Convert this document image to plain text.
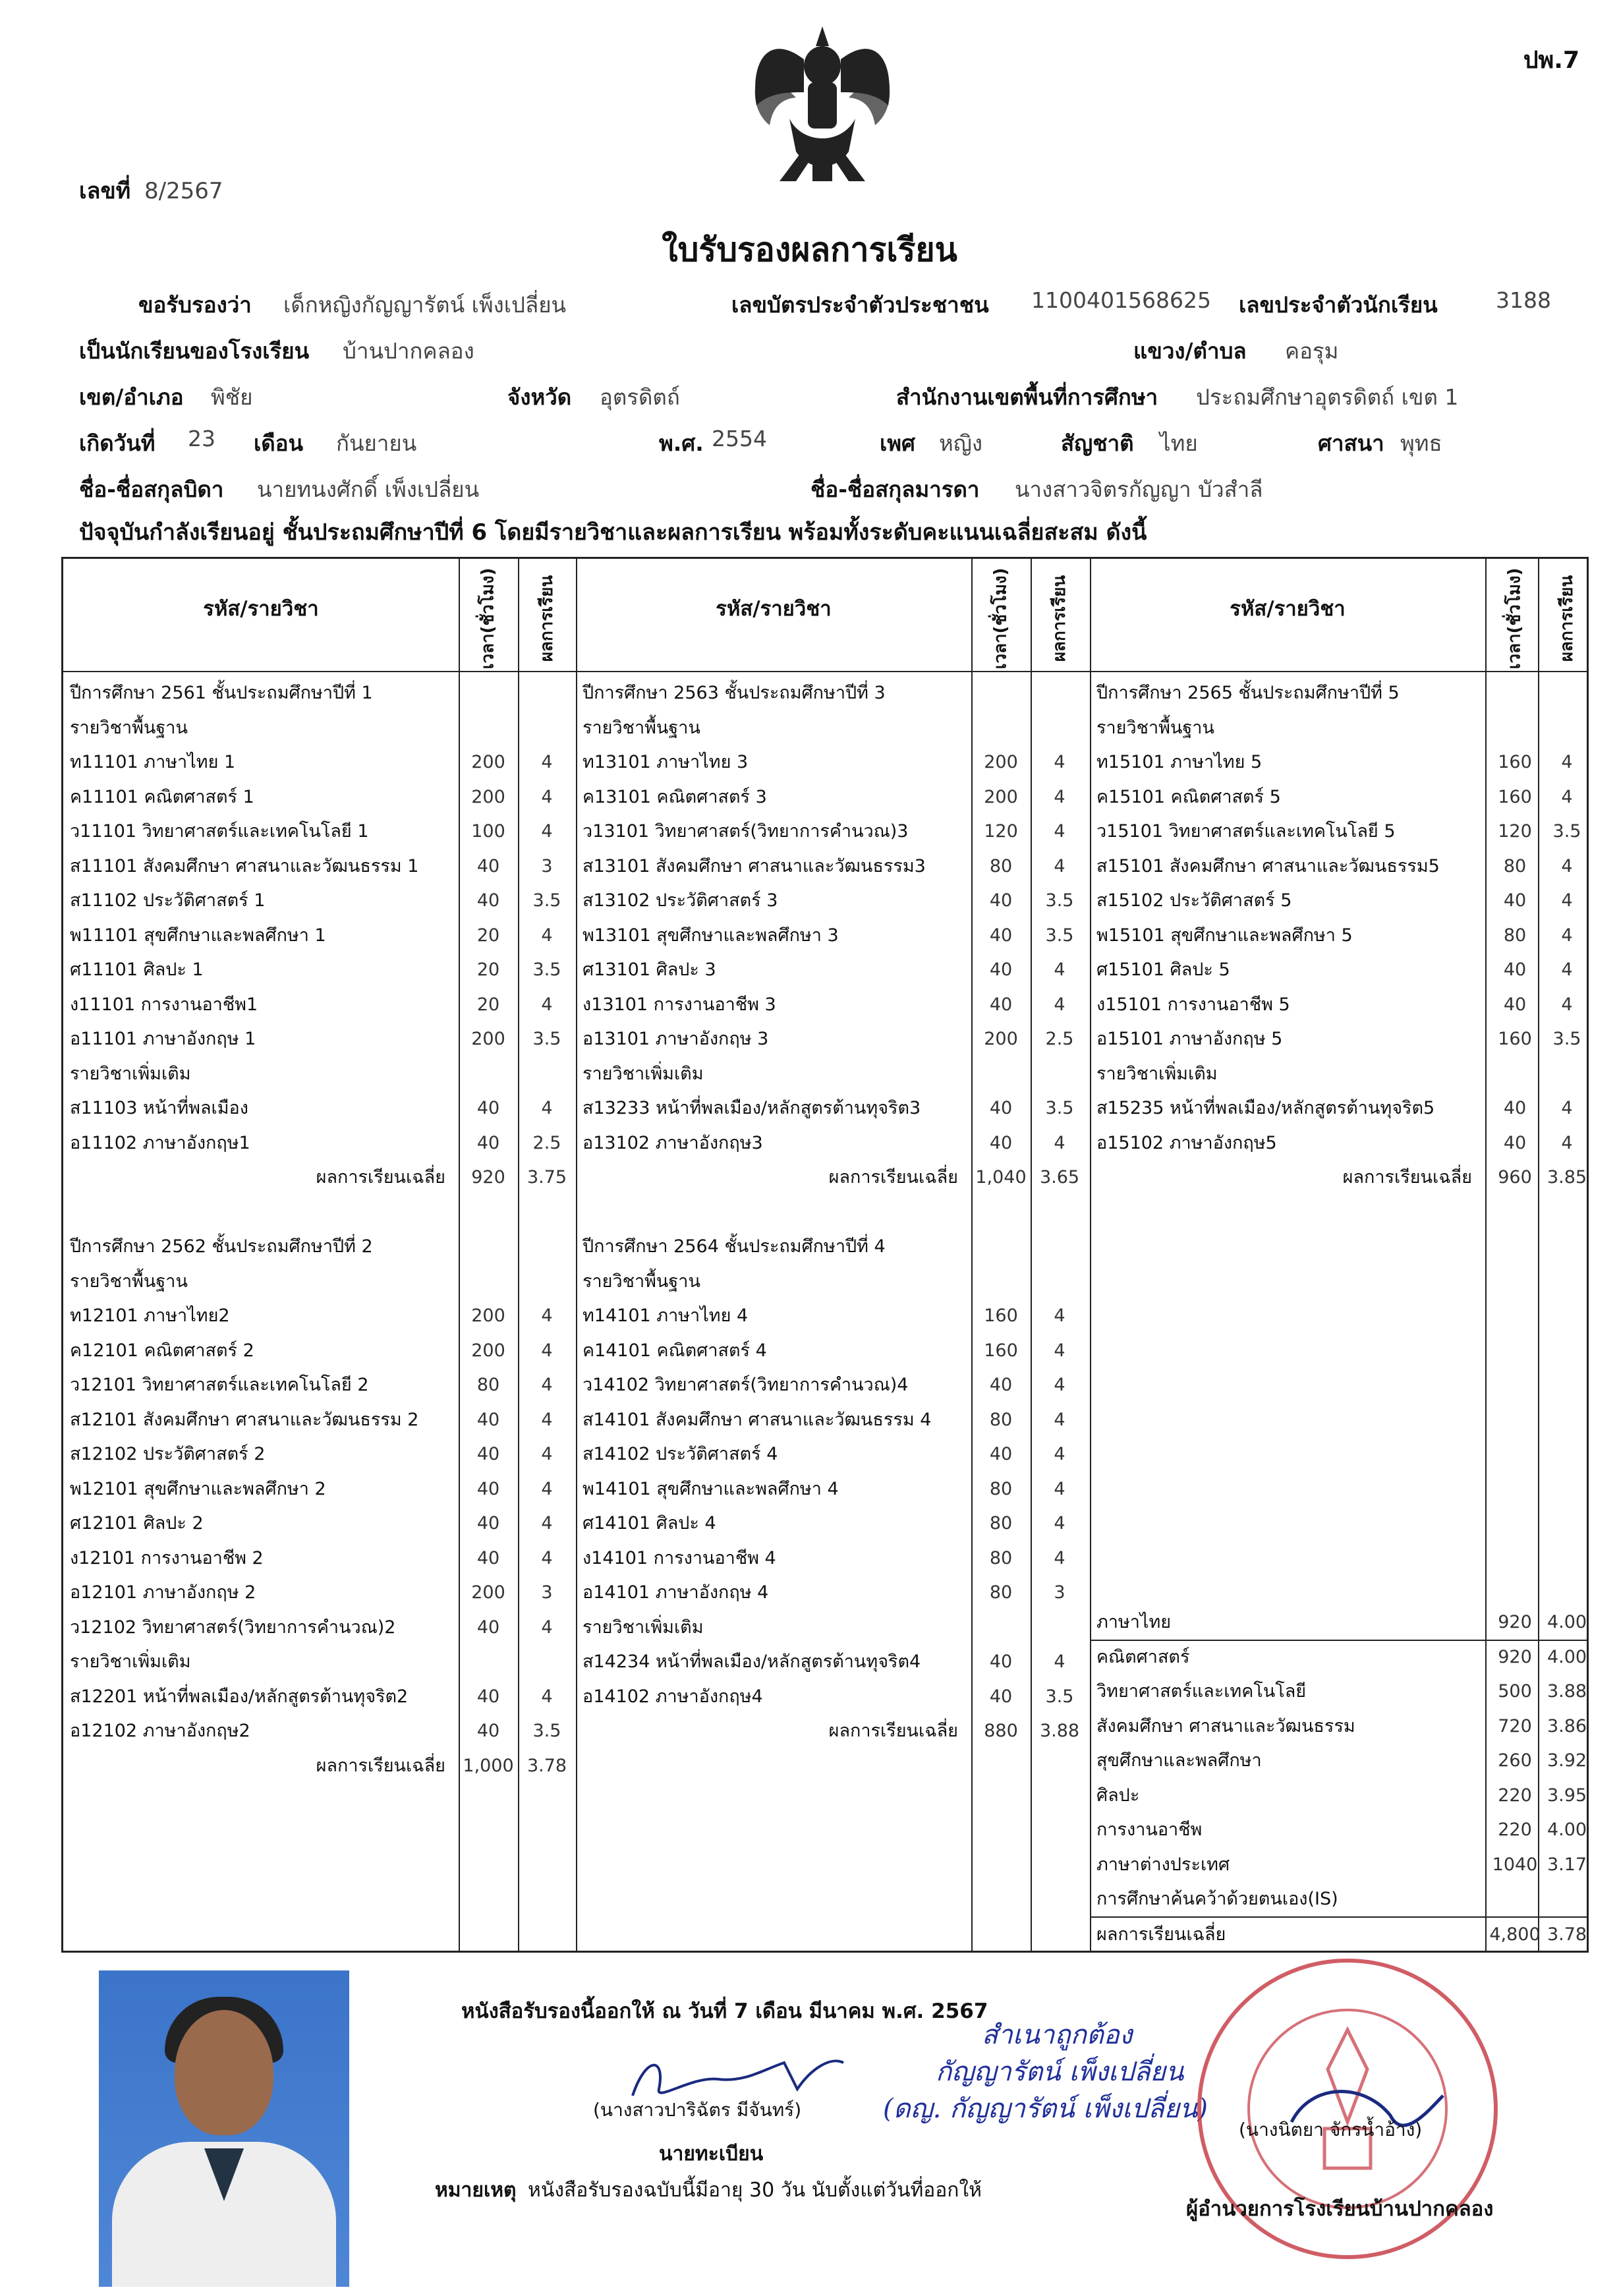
ปพ.7
เลขที่ 8/2567
ใบรับรองผลการเรียน
ขอรับรองว่า เด็กหญิงกัญญารัตน์ เพ็งเปลี่ยน	เลขบัตรประจำตัวประชาชน 1100401568625 เลขประจำตัวนักเรียน	3188
เป็นนักเรียนของโรงเรียน บ้านปากคลอง	แขวง/ตำบล คอรุม
เขต/อำเภอ พิชัย	จังหวัด อุตรดิตถ์	สำนักงานเขตพื้นที่การศึกษา ประถมศึกษาอุตรดิตถ์ เขต 1
เกิดวันที่ 23 เดือน กันยายน	พ.ศ. 2554	เพศ หญิง	สัญชาติ ไทย	ศาสนา พุทธ
ชื่อ-ชื่อสกุลบิดา นายทนงศักดิ์ เพ็งเปลี่ยน	ชื่อ-ชื่อสกุลมารดา นางสาวจิตรกัญญา บัวสำลี
ปัจจุบันกำลังเรียนอยู่ ชั้นประถมศึกษาปีที่ 6 โดยมีรายวิชาและผลการเรียน พร้อมทั้งระดับคะแนนเฉลี่ยสะสม ดังนี้
รหัส/รายวิชา	เวลา(ชั่วโมง) ผลการเรียน
ปีการศึกษา 2561 ชั้นประถมศึกษาปีที่ 1
รายวิชาพื้นฐาน
ท11101 ภาษาไทย 1	200	4
ค11101 คณิตศาสตร์ 1	200	4
ว11101 วิทยาศาสตร์และเทคโนโลยี 1	100	4
ส11101 สังคมศึกษา ศาสนาและวัฒนธรรม 1	40	3
ส11102 ประวัติศาสตร์ 1	40	3.5
พ11101 สุขศึกษาและพลศึกษา 1	20	4
ศ11101 ศิลปะ 1	20	3.5
ง11101 การงานอาชีพ1	20	4
อ11101 ภาษาอังกฤษ 1	200	3.5
รายวิชาเพิ่มเติม
ส11103 หน้าที่พลเมือง	40	4
อ11102 ภาษาอังกฤษ1	40	2.5
ผลการเรียนเฉลี่ย	920	3.75
ปีการศึกษา 2562 ชั้นประถมศึกษาปีที่ 2
รายวิชาพื้นฐาน
ท12101 ภาษาไทย2	200	4
ค12101 คณิตศาสตร์ 2	200	4
ว12101 วิทยาศาสตร์และเทคโนโลยี 2	80	4
ส12101 สังคมศึกษา ศาสนาและวัฒนธรรม 2	40	4
ส12102 ประวัติศาสตร์ 2	40	4
พ12101 สุขศึกษาและพลศึกษา 2	40	4
ศ12101 ศิลปะ 2	40	4
ง12101 การงานอาชีพ 2	40	4
อ12101 ภาษาอังกฤษ 2	200	3
ว12102 วิทยาศาสตร์(วิทยาการคำนวณ)2	40	4
รายวิชาเพิ่มเติม
ส12201 หน้าที่พลเมือง/หลักสูตรต้านทุจริต2	40	4
อ12102 ภาษาอังกฤษ2	40	3.5
ผลการเรียนเฉลี่ย 1,000 3.78
รหัส/รายวิชา	เวลา(ชั่วโมง) ผลการเรียน
ปีการศึกษา 2563 ชั้นประถมศึกษาปีที่ 3
รายวิชาพื้นฐาน
ท13101 ภาษาไทย 3	200	4
ค13101 คณิตศาสตร์ 3	200	4
ว13101 วิทยาศาสตร์(วิทยาการคำนวณ)3	120	4
ส13101 สังคมศึกษา ศาสนาและวัฒนธรรม3	80	4
ส13102 ประวัติศาสตร์ 3	40	3.5
พ13101 สุขศึกษาและพลศึกษา 3	40	3.5
ศ13101 ศิลปะ 3	40	4
ง13101 การงานอาชีพ 3	40	4
อ13101 ภาษาอังกฤษ 3	200	2.5
รายวิชาเพิ่มเติม
ส13233 หน้าที่พลเมือง/หลักสูตรต้านทุจริต3	40	3.5
อ13102 ภาษาอังกฤษ3	40	4
ผลการเรียนเฉลี่ย 1,040 3.65
ปีการศึกษา 2564 ชั้นประถมศึกษาปีที่ 4
รายวิชาพื้นฐาน
ท14101 ภาษาไทย 4	160	4
ค14101 คณิตศาสตร์ 4	160	4
ว14102 วิทยาศาสตร์(วิทยาการคำนวณ)4	40	4
ส14101 สังคมศึกษา ศาสนาและวัฒนธรรม 4	80	4
ส14102 ประวัติศาสตร์ 4	40	4
พ14101 สุขศึกษาและพลศึกษา 4	80	4
ศ14101 ศิลปะ 4	80	4
ง14101 การงานอาชีพ 4	80	4
อ14101 ภาษาอังกฤษ 4	80	3
รายวิชาเพิ่มเติม
ส14234 หน้าที่พลเมือง/หลักสูตรต้านทุจริต4	40	4
อ14102 ภาษาอังกฤษ4	40	3.5
ผลการเรียนเฉลี่ย	880	3.88
รหัส/รายวิชา	เวลา(ชั่วโมง) ผลการเรียน
ปีการศึกษา 2565 ชั้นประถมศึกษาปีที่ 5
รายวิชาพื้นฐาน
ท15101 ภาษาไทย 5	160	4
ค15101 คณิตศาสตร์ 5	160	4
ว15101 วิทยาศาสตร์และเทคโนโลยี 5	120	3.5
ส15101 สังคมศึกษา ศาสนาและวัฒนธรรม5	80	4
ส15102 ประวัติศาสตร์ 5	40	4
พ15101 สุขศึกษาและพลศึกษา 5	80	4
ศ15101 ศิลปะ 5	40	4
ง15101 การงานอาชีพ 5	40	4
อ15101 ภาษาอังกฤษ 5	160	3.5
รายวิชาเพิ่มเติม
ส15235 หน้าที่พลเมือง/หลักสูตรต้านทุจริต5	40	4
อ15102 ภาษาอังกฤษ5	40	4
ผลการเรียนเฉลี่ย	960 3.85
ภาษาไทย	920 4.00
คณิตศาสตร์	920 4.00
วิทยาศาสตร์และเทคโนโลยี	500 3.88
สังคมศึกษา ศาสนาและวัฒนธรรม	720 3.86
สุขศึกษาและพลศึกษา	260 3.92
ศิลปะ	220 3.95
การงานอาชีพ	220 4.00
ภาษาต่างประเทศ	1040 3.17
การศึกษาค้นคว้าด้วยตนเอง(IS)
ผลการเรียนเฉลี่ย	4,800 3.78
หนังสือรับรองนี้ออกให้ ณ วันที่ 7 เดือน มีนาคม พ.ศ. 2567
(นางสาวปาริฉัตร มีจันทร์)
นายทะเบียน
หมายเหตุ หนังสือรับรองฉบับนี้มีอายุ 30 วัน นับตั้งแต่วันที่ออกให้
สำเนาถูกต้อง
กัญญารัตน์ เพ็งเปลี่ยน
(ดญ. กัญญารัตน์ เพ็งเปลี่ยน)
(นางนิตยา จักรน้ำอ้าง)
ผู้อำนวยการโรงเรียนบ้านปากคลอง
